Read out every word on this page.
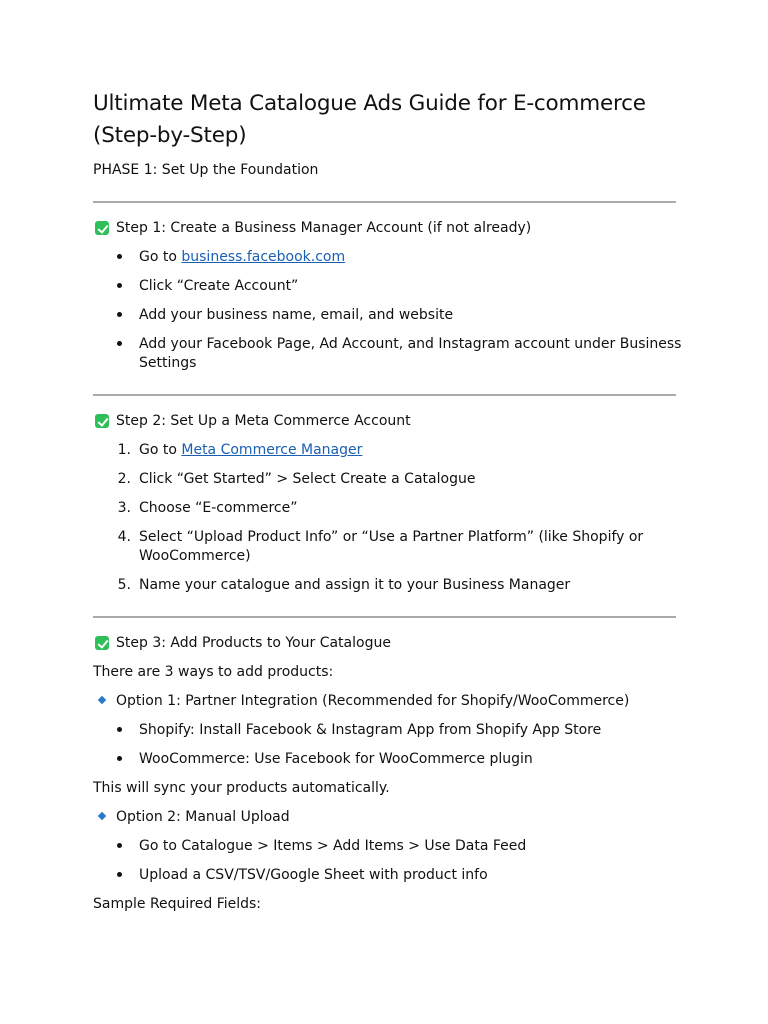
Ultimate Meta Catalogue Ads Guide for E-commerce (Step-by-Step)
PHASE 1: Set Up the Foundation
Step 1: Create a Business Manager Account (if not already)
Go to business.facebook.com
Click “Create Account”
Add your business name, email, and website
Add your Facebook Page, Ad Account, and Instagram account under Business
Settings
Step 2: Set Up a Meta Commerce Account
1. Go to Meta Commerce Manager
2. Click “Get Started” > Select Create a Catalogue
3. Choose “E-commerce”
4. Select “Upload Product Info” or “Use a Partner Platform” (like Shopify or
WooCommerce)
5. Name your catalogue and assign it to your Business Manager
Step 3: Add Products to Your Catalogue
There are 3 ways to add products:
Option 1: Partner Integration (Recommended for Shopify/WooCommerce)
Shopify: Install Facebook & Instagram App from Shopify App Store
WooCommerce: Use Facebook for WooCommerce plugin
This will sync your products automatically.
Option 2: Manual Upload
Go to Catalogue > Items > Add Items > Use Data Feed
Upload a CSV/TSV/Google Sheet with product info
Sample Required Fields:
